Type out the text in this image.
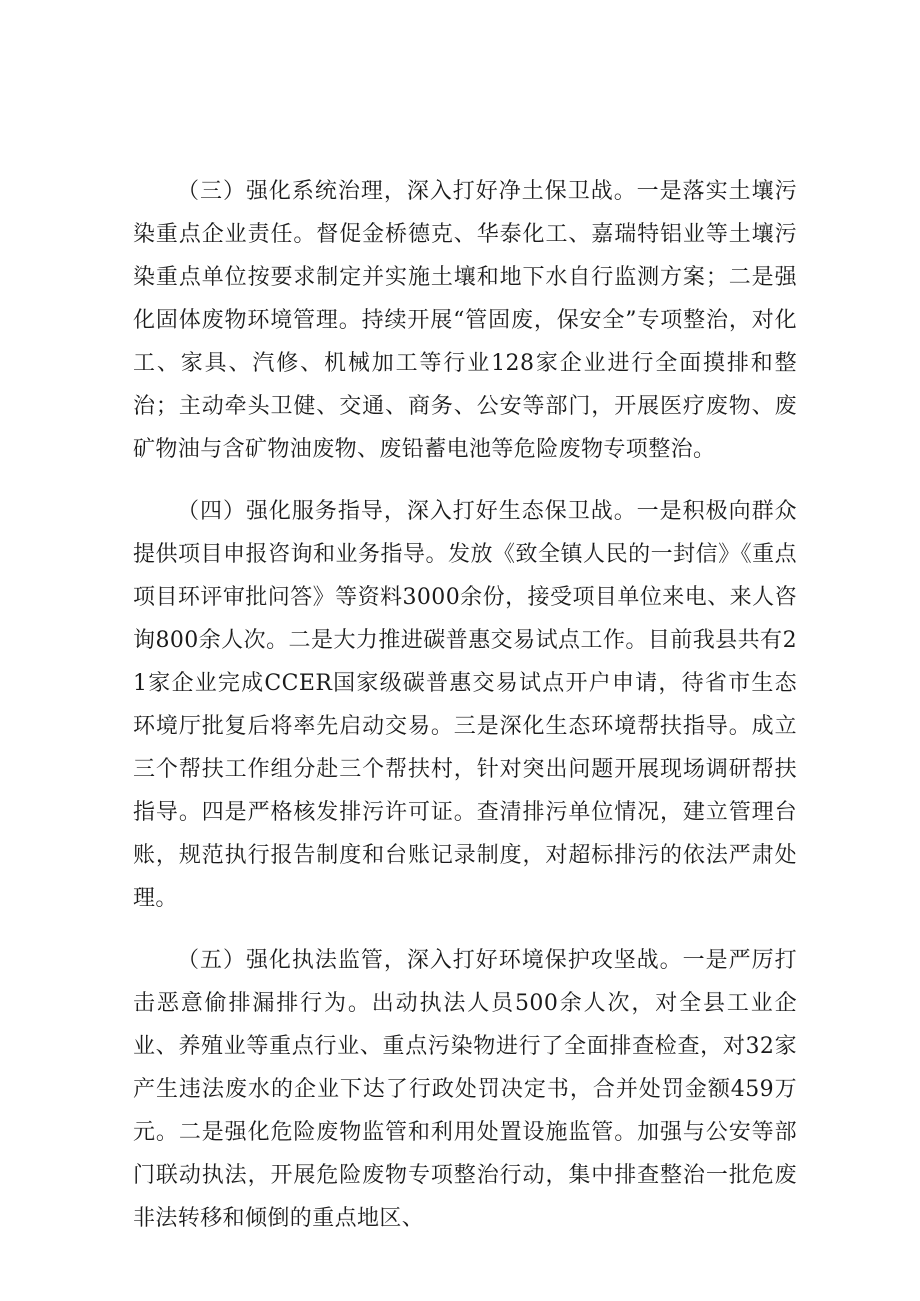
（三）强化系统治理，深入打好净土保卫战。一是落实土壤污染重点企业责任。督促金桥德克、华泰化工、嘉瑞特铝业等土壤污染重点单位按要求制定并实施土壤和地下水自行监测方案；二是强化固体废物环境管理。持续开展“管固废，保安全”专项整治，对化工、家具、汽修、机械加工等行业128家企业进行全面摸排和整治；主动牵头卫健、交通、商务、公安等部门，开展医疗废物、废矿物油与含矿物油废物、废铅蓄电池等危险废物专项整治。

（四）强化服务指导，深入打好生态保卫战。一是积极向群众提供项目申报咨询和业务指导。发放《致全镇人民的一封信》《重点项目环评审批问答》等资料3000余份，接受项目单位来电、来人咨询800余人次。二是大力推进碳普惠交易试点工作。目前我县共有21家企业完成CCER国家级碳普惠交易试点开户申请，待省市生态环境厅批复后将率先启动交易。三是深化生态环境帮扶指导。成立三个帮扶工作组分赴三个帮扶村，针对突出问题开展现场调研帮扶指导。四是严格核发排污许可证。查清排污单位情况，建立管理台账，规范执行报告制度和台账记录制度，对超标排污的依法严肃处理。

（五）强化执法监管，深入打好环境保护攻坚战。一是严厉打击恶意偷排漏排行为。出动执法人员500余人次，对全县工业企业、养殖业等重点行业、重点污染物进行了全面排查检查，对32家产生违法废水的企业下达了行政处罚决定书，合并处罚金额459万元。二是强化危险废物监管和利用处置设施监管。加强与公安等部门联动执法，开展危险废物专项整治行动，集中排查整治一批危废非法转移和倾倒的重点地区、
